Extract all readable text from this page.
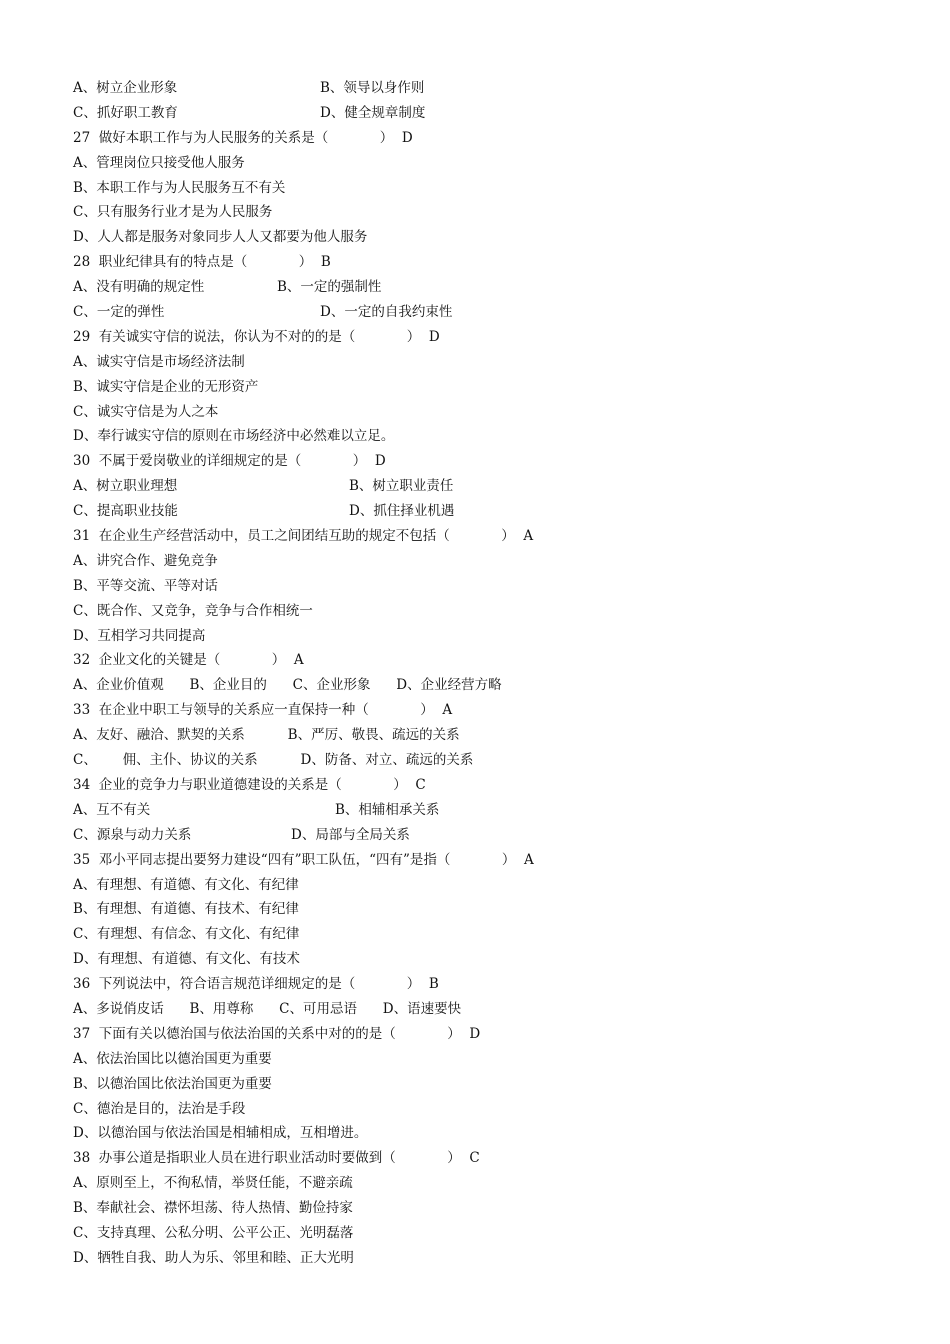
A、树立企业形象	B、领导以身作则
C、抓好职工教育	D、健全规章制度
27  做好本职工作与为人民服务的关系是（            ）  D
A、管理岗位只接受他人服务
B、本职工作与为人民服务互不有关
C、只有服务行业才是为人民服务
D、人人都是服务对象同步人人又都要为他人服务
28  职业纪律具有的特点是（            ）  B
A、没有明确的规定性	B、一定的强制性
C、一定的弹性	D、一定的自我约束性
29  有关诚实守信的说法，你认为不对的的是（            ）  D
A、诚实守信是市场经济法制
B、诚实守信是企业的无形资产
C、诚实守信是为人之本
D、奉行诚实守信的原则在市场经济中必然难以立足。
30  不属于爱岗敬业的详细规定的是（            ）  D
A、树立职业理想	B、树立职业责任
C、提高职业技能	D、抓住择业机遇
31  在企业生产经营活动中，员工之间团结互助的规定不包括（            ）  A
A、讲究合作、避免竞争
B、平等交流、平等对话
C、既合作、又竞争，竞争与合作相统一
D、互相学习共同提高
32  企业文化的关键是（            ）  A
A、企业价值观      B、企业目的      C、企业形象      D、企业经营方略
33  在企业中职工与领导的关系应一直保持一种（            ）  A
A、友好、融洽、默契的关系          B、严厉、敬畏、疏远的关系
C、      佣、主仆、协议的关系          D、防备、对立、疏远的关系
34  企业的竞争力与职业道德建设的关系是（            ）  C
A、互不有关	B、相辅相承关系
C、源泉与动力关系	D、局部与全局关系
35  邓小平同志提出要努力建设“四有”职工队伍，“四有”是指（            ）  A
A、有理想、有道德、有文化、有纪律
B、有理想、有道德、有技术、有纪律
C、有理想、有信念、有文化、有纪律
D、有理想、有道德、有文化、有技术
36  下列说法中，符合语言规范详细规定的是（            ）  B
A、多说俏皮话      B、用尊称      C、可用忌语      D、语速要快
37  下面有关以德治国与依法治国的关系中对的的是（            ）  D
A、依法治国比以德治国更为重要
B、以德治国比依法治国更为重要
C、德治是目的，法治是手段
D、以德治国与依法治国是相辅相成，互相增进。
38  办事公道是指职业人员在进行职业活动时要做到（            ）  C
A、原则至上，不徇私情，举贤任能，不避亲疏
B、奉献社会、襟怀坦荡、待人热情、勤俭持家
C、支持真理、公私分明、公平公正、光明磊落
D、牺牲自我、助人为乐、邻里和睦、正大光明
